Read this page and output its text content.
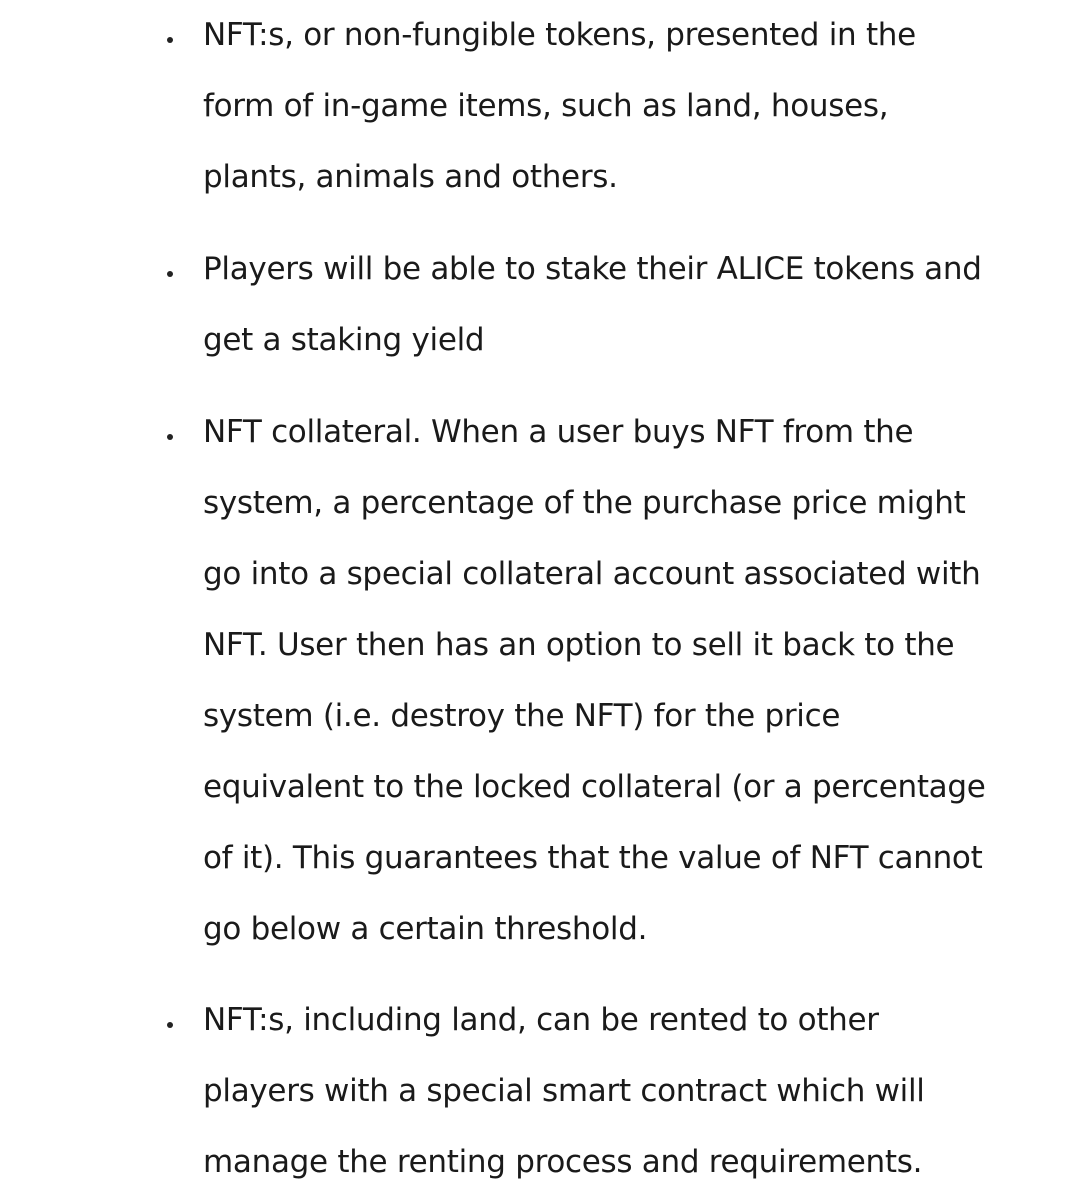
NFT:s, or non-fungible tokens, presented in the
form of in-game items, such as land, houses,
plants, animals and others.

Players will be able to stake their ALICE tokens and
get a staking yield

NFT collateral. When a user buys NFT from the
system, a percentage of the purchase price might
go into a special collateral account associated with
NFT. User then has an option to sell it back to the
system (i.e. destroy the NFT) for the price
equivalent to the locked collateral (or a percentage
of it). This guarantees that the value of NFT cannot
go below a certain threshold.

NFT:s, including land, can be rented to other
players with a special smart contract which will
manage the renting process and requirements.
